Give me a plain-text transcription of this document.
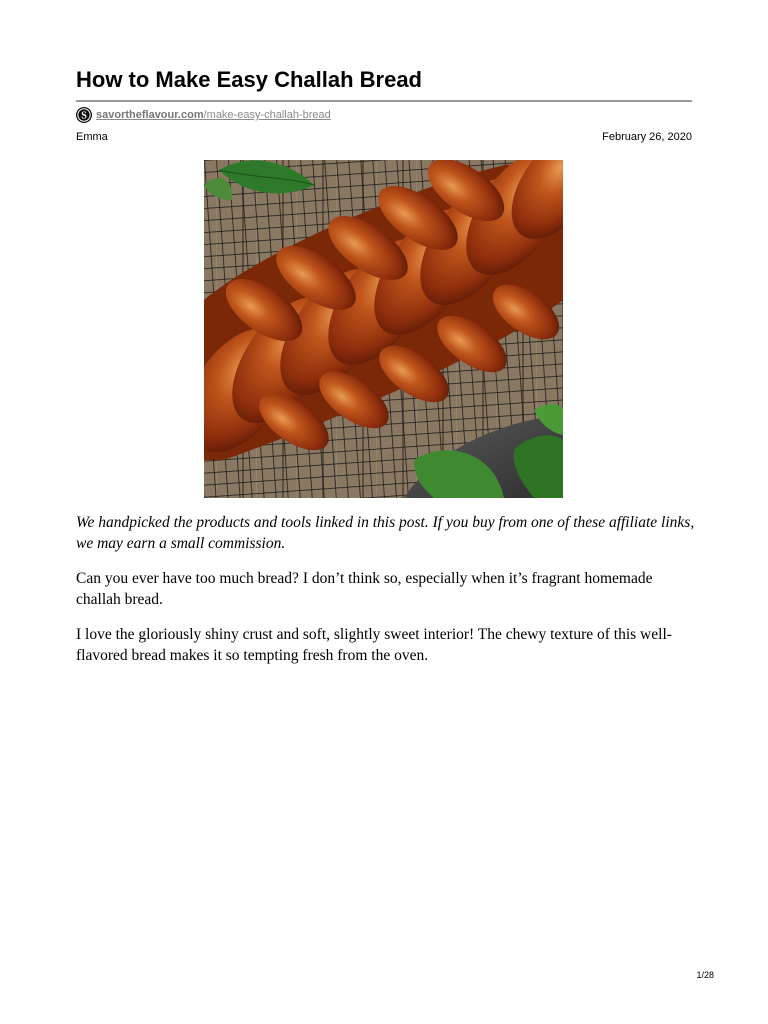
How to Make Easy Challah Bread
S savortheflavour.com/make-easy-challah-bread
Emma	February 26, 2020

We handpicked the products and tools linked in this post. If you buy from one of these affiliate links, we may earn a small commission.

Can you ever have too much bread? I don’t think so, especially when it’s fragrant homemade challah bread.

I love the gloriously shiny crust and soft, slightly sweet interior! The chewy texture of this well-flavored bread makes it so tempting fresh from the oven.

1/28
